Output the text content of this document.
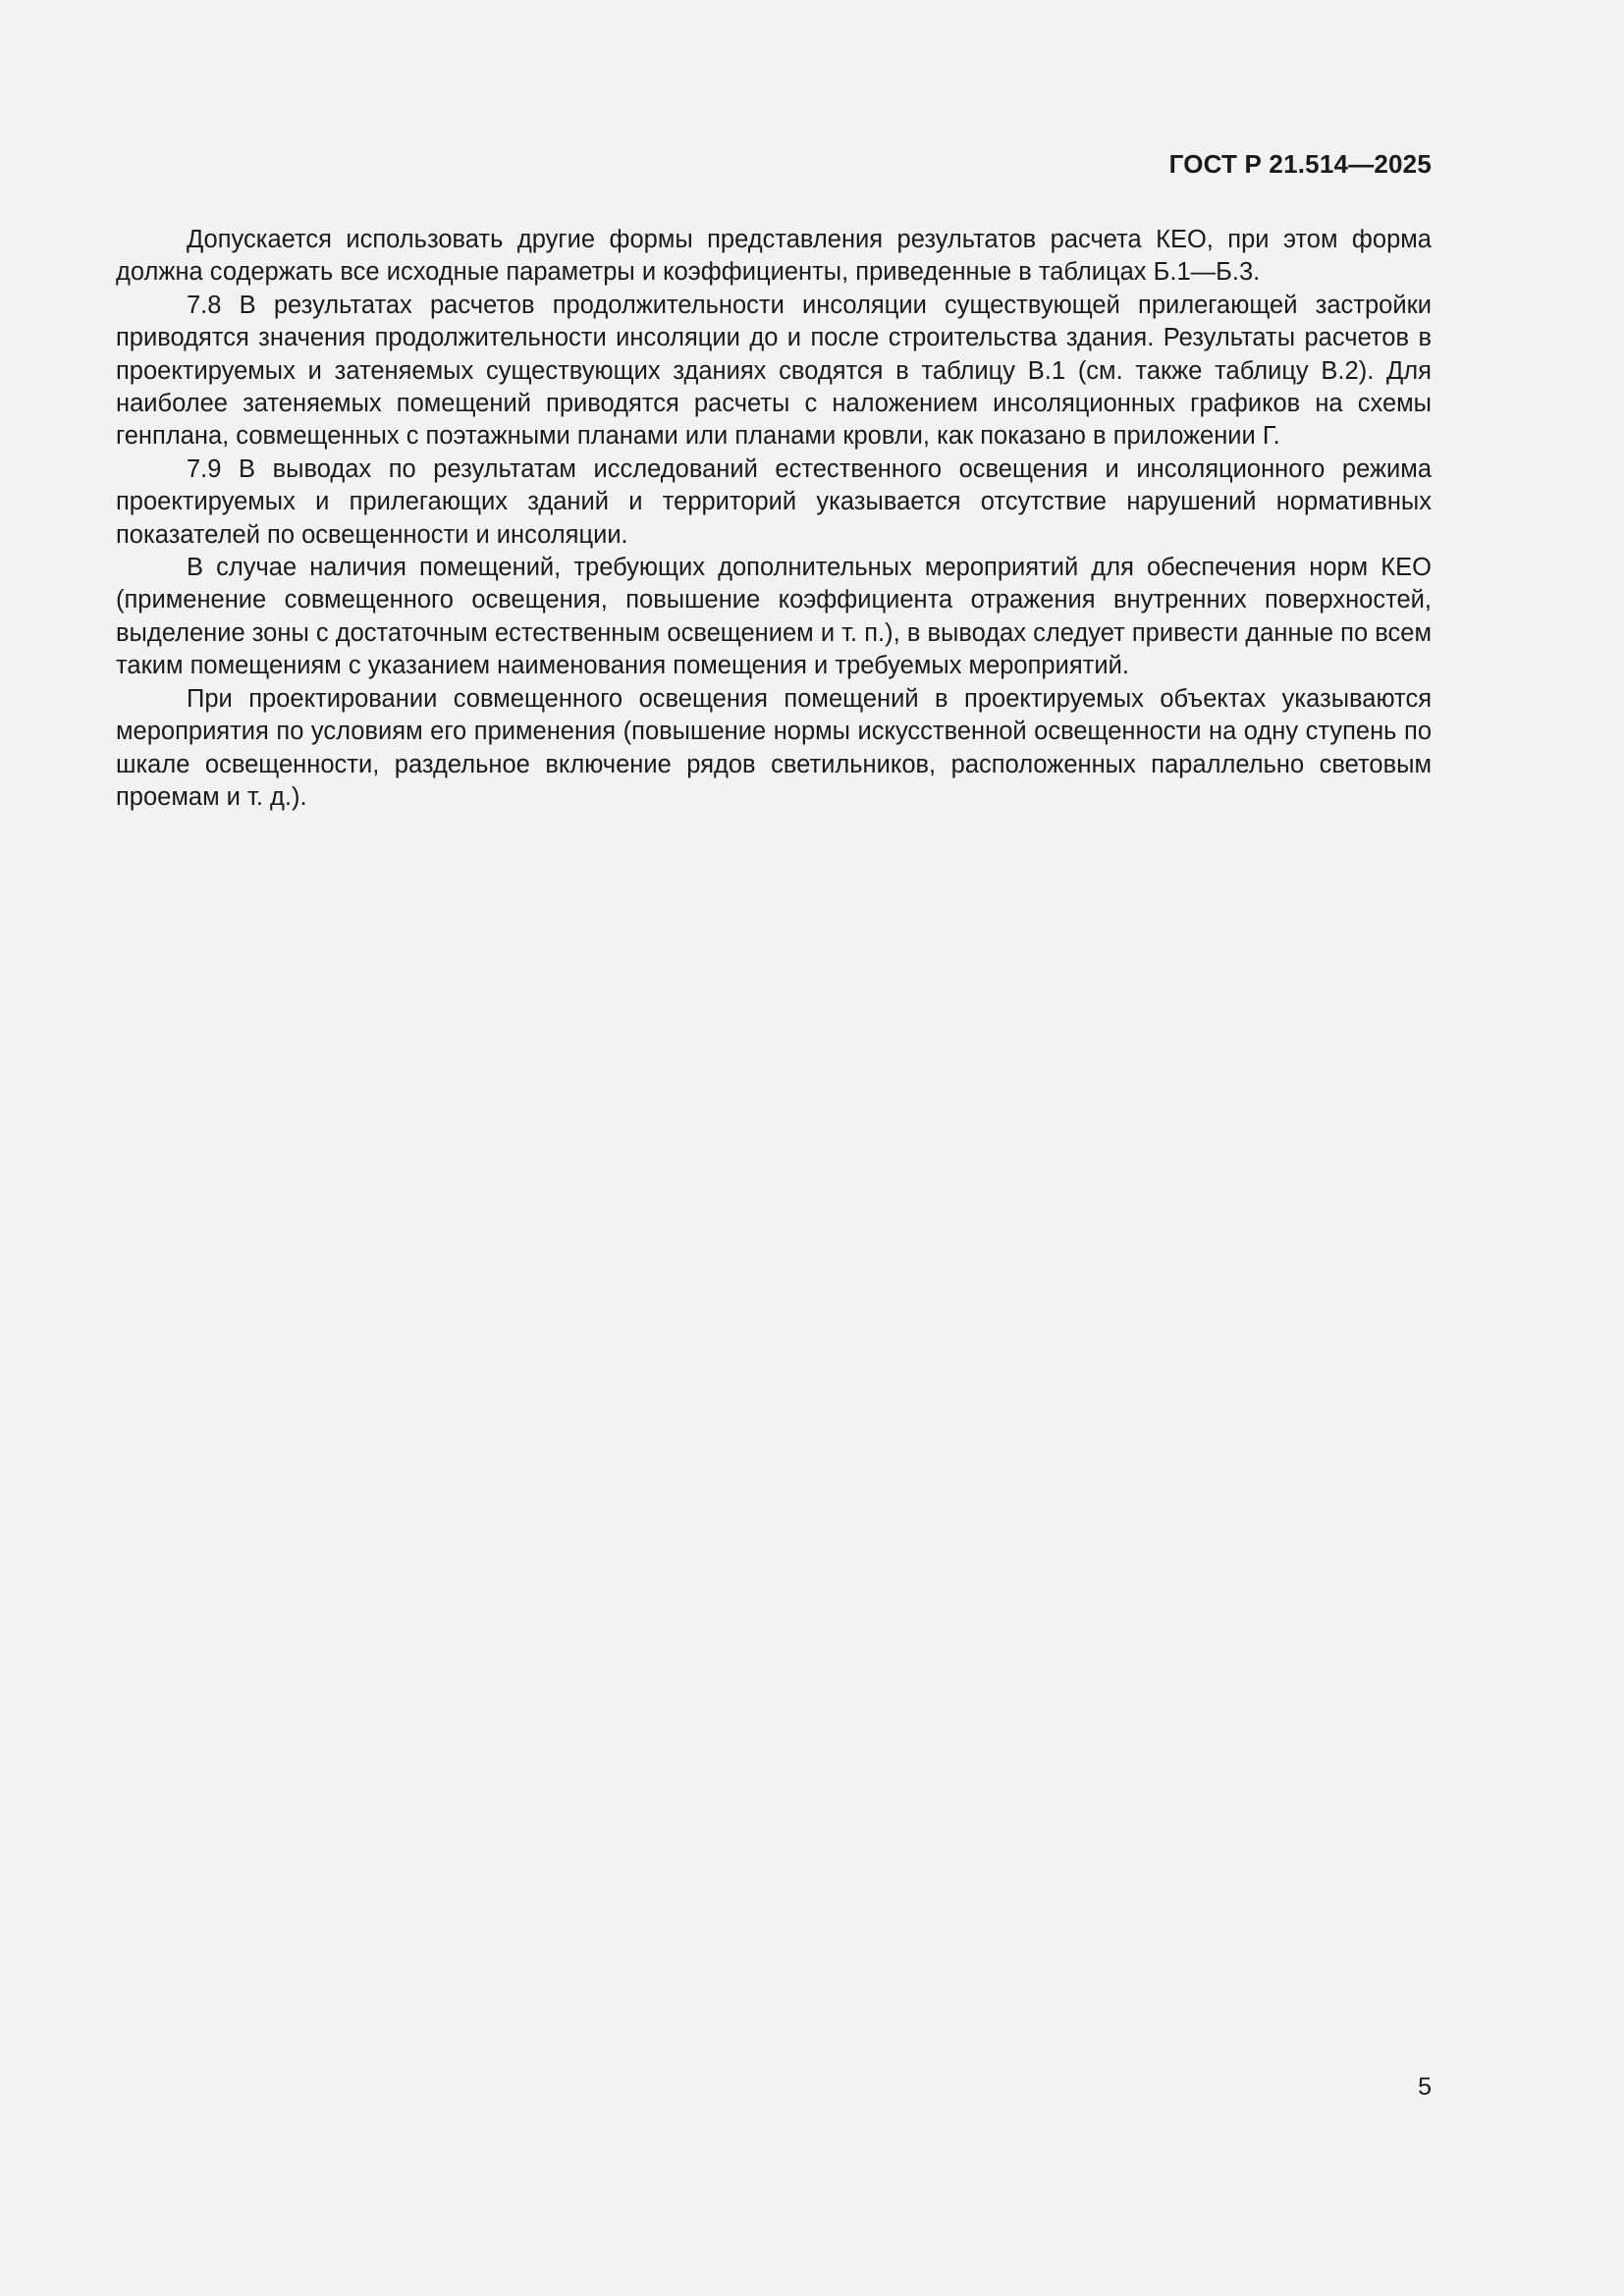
ГОСТ Р 21.514—2025

Допускается использовать другие формы представления результатов расчета КЕО, при этом форма должна содержать все исходные параметры и коэффициенты, приведенные в таблицах Б.1—Б.3.

7.8 В результатах расчетов продолжительности инсоляции существующей прилегающей застройки приводятся значения продолжительности инсоляции до и после строительства здания. Результаты расчетов в проектируемых и затеняемых существующих зданиях сводятся в таблицу В.1 (см. также таблицу В.2). Для наиболее затеняемых помещений приводятся расчеты с наложением инсоляционных графиков на схемы генплана, совмещенных с поэтажными планами или планами кровли, как показано в приложении Г.

7.9 В выводах по результатам исследований естественного освещения и инсоляционного режима проектируемых и прилегающих зданий и территорий указывается отсутствие нарушений нормативных показателей по освещенности и инсоляции.

В случае наличия помещений, требующих дополнительных мероприятий для обеспечения норм КЕО (применение совмещенного освещения, повышение коэффициента отражения внутренних поверхностей, выделение зоны с достаточным естественным освещением и т. п.), в выводах следует привести данные по всем таким помещениям с указанием наименования помещения и требуемых мероприятий.

При проектировании совмещенного освещения помещений в проектируемых объектах указываются мероприятия по условиям его применения (повышение нормы искусственной освещенности на одну ступень по шкале освещенности, раздельное включение рядов светильников, расположенных параллельно световым проемам и т. д.).

5
